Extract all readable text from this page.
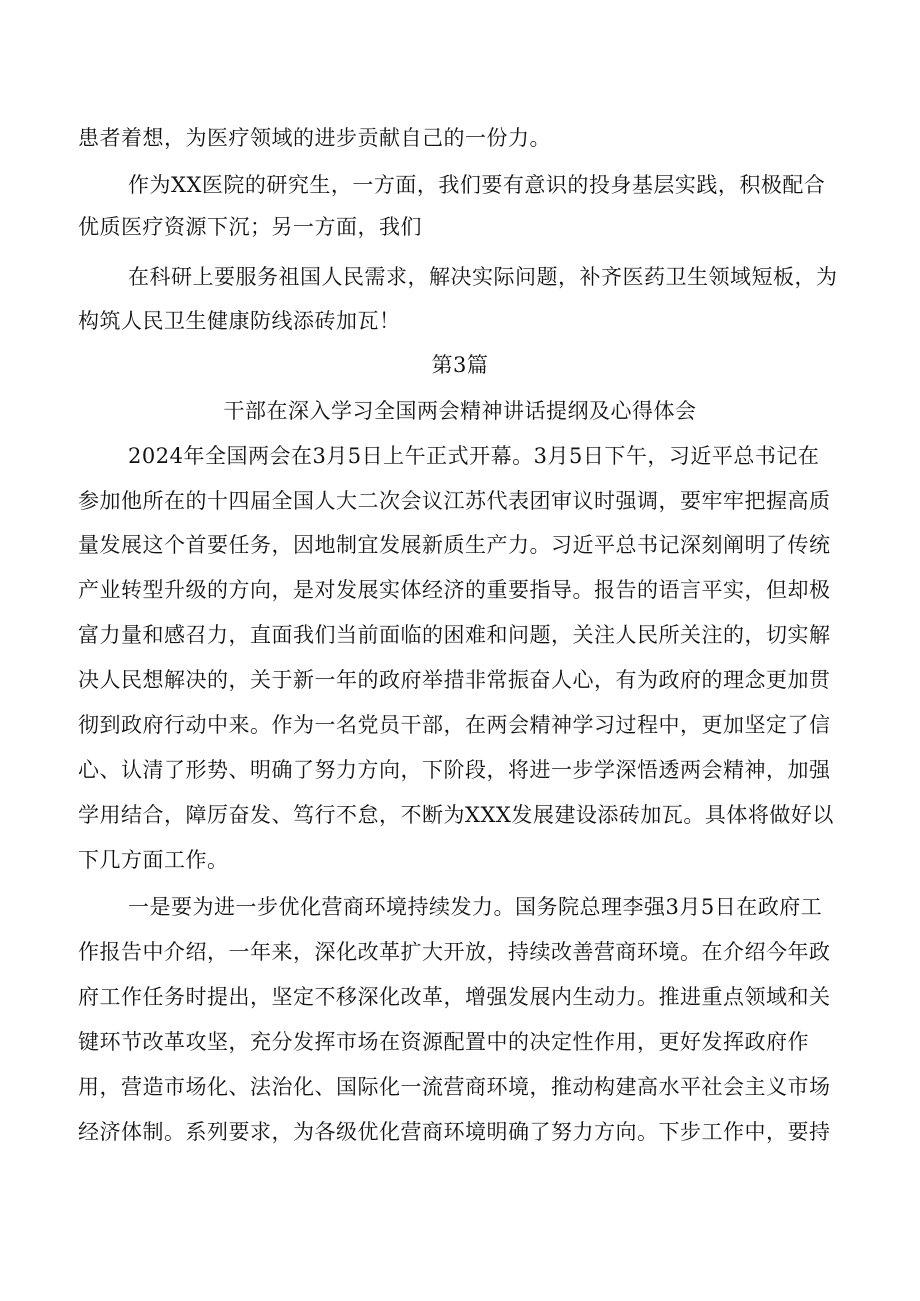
患者着想，为医疗领域的进步贡献自己的一份力。
作为XX医院的研究生，一方面，我们要有意识的投身基层实践，积极配合
优质医疗资源下沉；另一方面，我们
在科研上要服务祖国人民需求，解决实际问题，补齐医药卫生领域短板，为
构筑人民卫生健康防线添砖加瓦！
第3篇
干部在深入学习全国两会精神讲话提纲及心得体会
2024年全国两会在3月5日上午正式开幕。3月5日下午，习近平总书记在
参加他所在的十四届全国人大二次会议江苏代表团审议时强调，要牢牢把握高质
量发展这个首要任务，因地制宜发展新质生产力。习近平总书记深刻阐明了传统
产业转型升级的方向，是对发展实体经济的重要指导。报告的语言平实，但却极
富力量和感召力，直面我们当前面临的困难和问题，关注人民所关注的，切实解
决人民想解决的，关于新一年的政府举措非常振奋人心，有为政府的理念更加贯
彻到政府行动中来。作为一名党员干部，在两会精神学习过程中，更加坚定了信
心、认清了形势、明确了努力方向，下阶段，将进一步学深悟透两会精神，加强
学用结合，障厉奋发、笃行不怠，不断为XXX发展建设添砖加瓦。具体将做好以
下几方面工作。
一是要为进一步优化营商环境持续发力。国务院总理李强3月5日在政府工
作报告中介绍，一年来，深化改革扩大开放，持续改善营商环境。在介绍今年政
府工作任务时提出，坚定不移深化改革，增强发展内生动力。推进重点领域和关
键环节改革攻坚，充分发挥市场在资源配置中的决定性作用，更好发挥政府作
用，营造市场化、法治化、国际化一流营商环境，推动构建高水平社会主义市场
经济体制。系列要求，为各级优化营商环境明确了努力方向。下步工作中，要持
